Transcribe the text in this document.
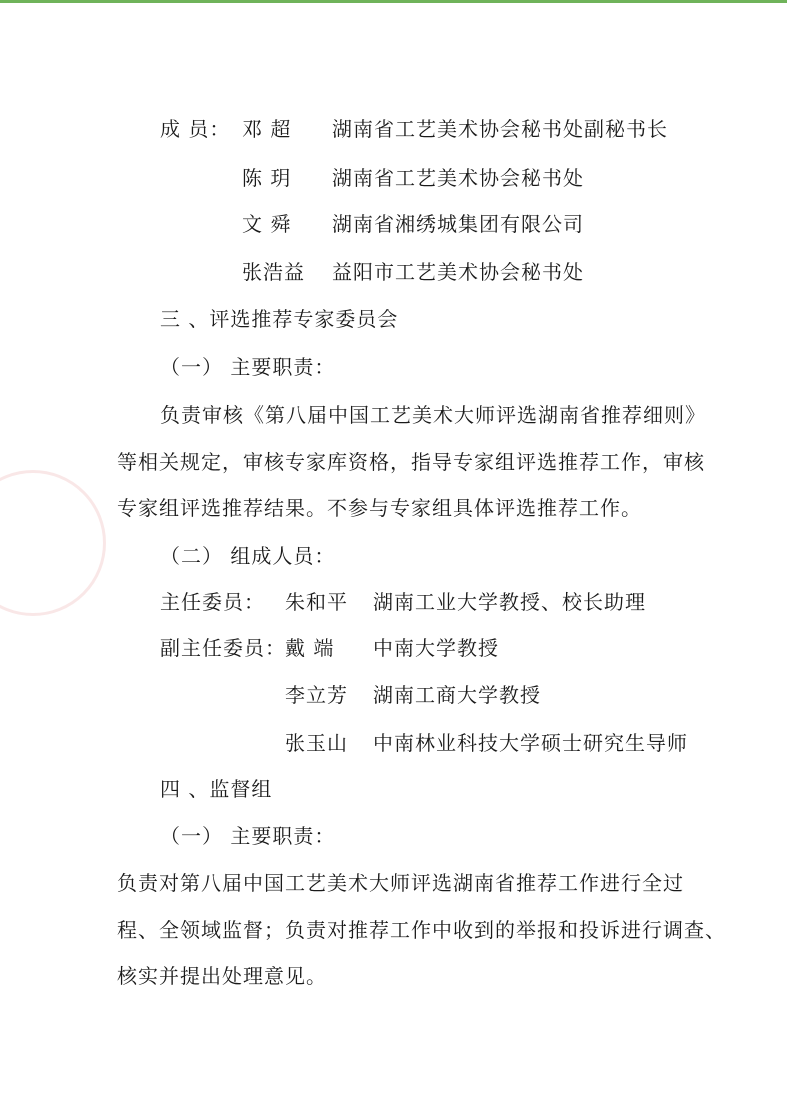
成 员： 邓 超 湖南省工艺美术协会秘书处副秘书长
陈 玥 湖南省工艺美术协会秘书处
文 舜 湖南省湘绣城集团有限公司
张浩益 益阳市工艺美术协会秘书处
三 、评选推荐专家委员会
（一） 主要职责：
负责审核《第八届中国工艺美术大师评选湖南省推荐细则》
等相关规定，审核专家库资格，指导专家组评选推荐工作，审核
专家组评选推荐结果。不参与专家组具体评选推荐工作。
（二） 组成人员：
主任委员： 朱和平 湖南工业大学教授、校长助理
副主任委员： 戴 端 中南大学教授
李立芳 湖南工商大学教授
张玉山 中南林业科技大学硕士研究生导师
四 、监督组
（一） 主要职责：
负责对第八届中国工艺美术大师评选湖南省推荐工作进行全过
程、全领域监督；负责对推荐工作中收到的举报和投诉进行调查、
核实并提出处理意见。
